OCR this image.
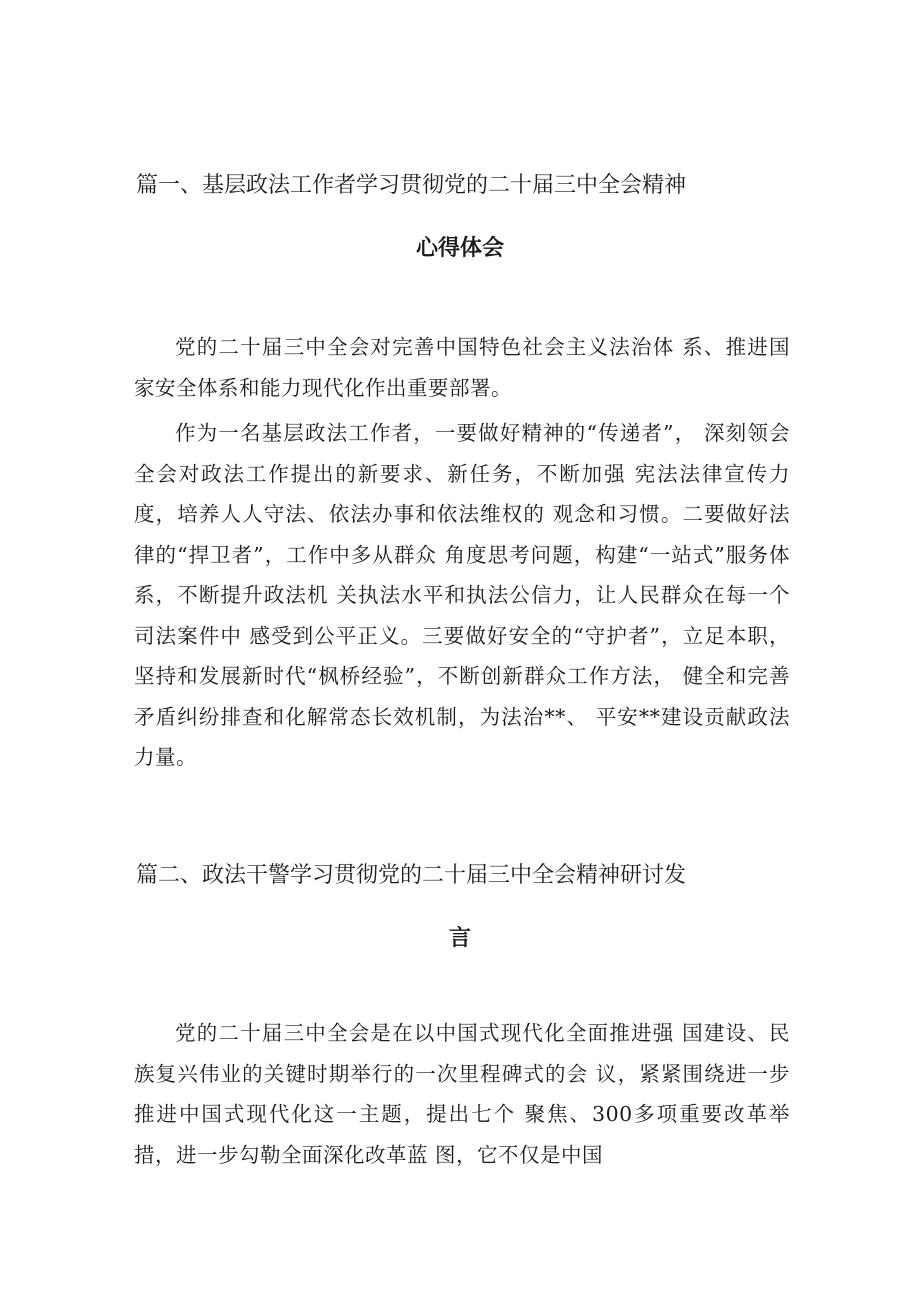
篇一、基层政法工作者学习贯彻党的二十届三中全会精神
心得体会

党的二十届三中全会对完善中国特色社会主义法治体 系、推进国家安全体系和能力现代化作出重要部署。

作为一名基层政法工作者，一要做好精神的“传递者”， 深刻领会全会对政法工作提出的新要求、新任务，不断加强 宪法法律宣传力度，培养人人守法、依法办事和依法维权的 观念和习惯。二要做好法律的“捍卫者”，工作中多从群众 角度思考问题，构建“一站式”服务体系，不断提升政法机 关执法水平和执法公信力，让人民群众在每一个司法案件中 感受到公平正义。三要做好安全的“守护者”，立足本职， 坚持和发展新时代“枫桥经验”，不断创新群众工作方法， 健全和完善矛盾纠纷排查和化解常态长效机制，为法治**、 平安**建设贡献政法力量。

篇二、政法干警学习贯彻党的二十届三中全会精神研讨发
言

党的二十届三中全会是在以中国式现代化全面推进强 国建设、民族复兴伟业的关键时期举行的一次里程碑式的会 议，紧紧围绕进一步推进中国式现代化这一主题，提出七个 聚焦、300多项重要改革举措，进一步勾勒全面深化改革蓝 图，它不仅是中国
